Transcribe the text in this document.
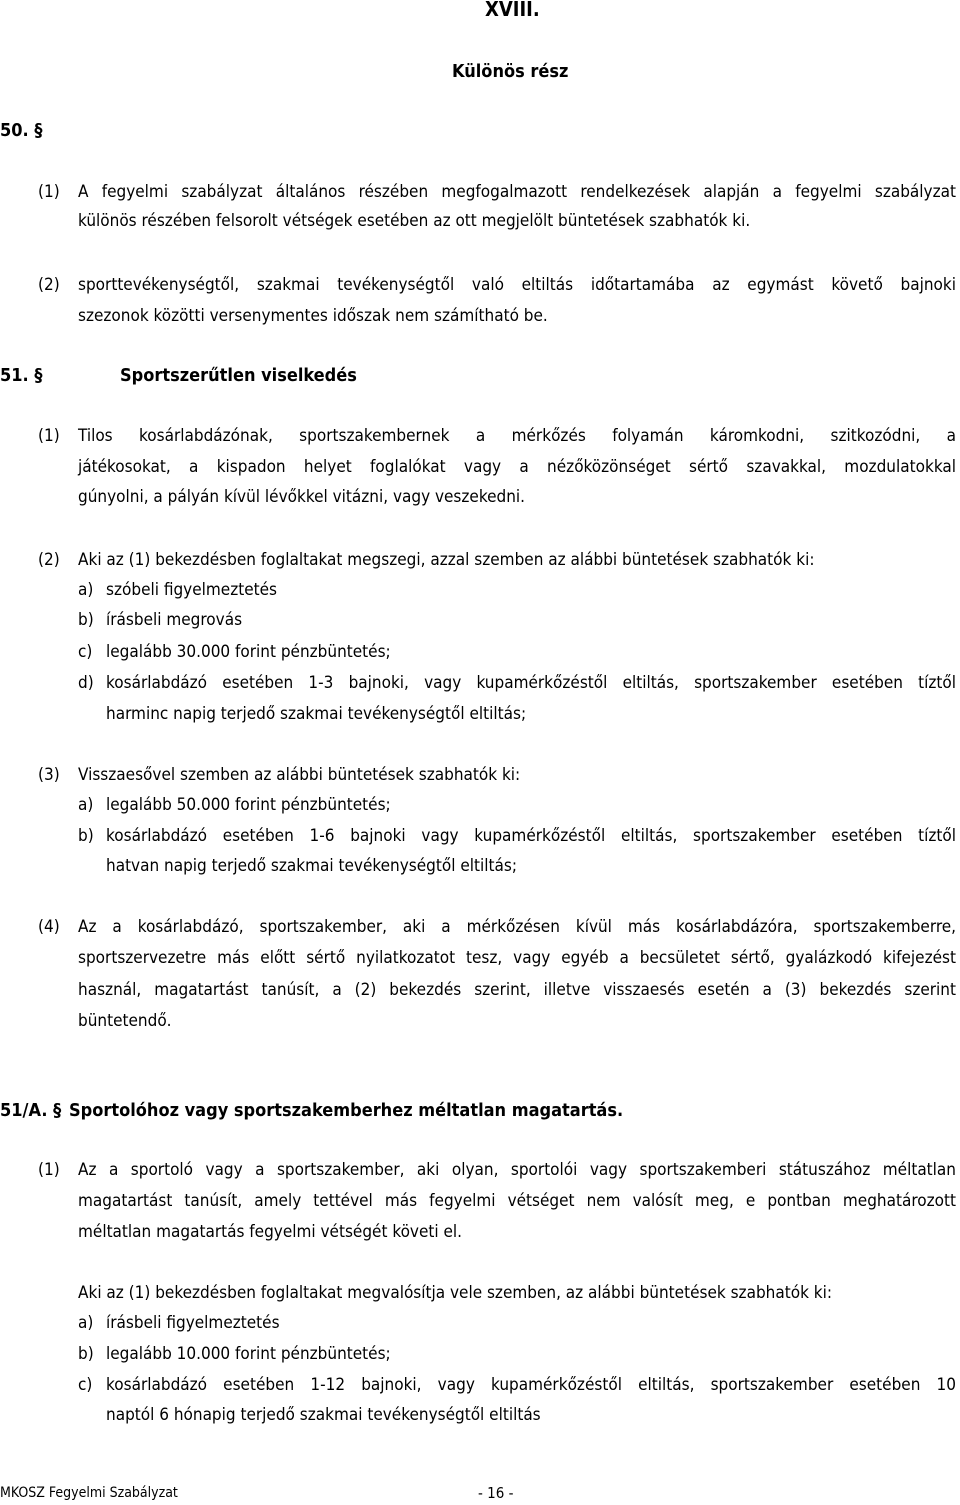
XVIII.
Különös rész
50. §
(1) A fegyelmi szabályzat általános részében megfogalmazott rendelkezések alapján a fegyelmi szabályzat
különös részében felsorolt vétségek esetében az ott megjelölt büntetések szabhatók ki.
(2) sporttevékenységtől, szakmai tevékenységtől való eltiltás időtartamába az egymást követő bajnoki
szezonok közötti versenymentes időszak nem számítható be.
51. §	Sportszerűtlen viselkedés
(1) Tilos kosárlabdázónak, sportszakembernek a mérkőzés folyamán káromkodni, szitkozódni, a
játékosokat, a kispadon helyet foglalókat vagy a nézőközönséget sértő szavakkal, mozdulatokkal
gúnyolni, a pályán kívül lévőkkel vitázni, vagy veszekedni.
(2) Aki az (1) bekezdésben foglaltakat megszegi, azzal szemben az alábbi büntetések szabhatók ki:
a) szóbeli figyelmeztetés
b) írásbeli megrovás
c) legalább 30.000 forint pénzbüntetés;
d) kosárlabdázó esetében 1-3 bajnoki, vagy kupamérkőzéstől eltiltás, sportszakember esetében tíztől
harminc napig terjedő szakmai tevékenységtől eltiltás;
(3) Visszaesővel szemben az alábbi büntetések szabhatók ki:
a) legalább 50.000 forint pénzbüntetés;
b) kosárlabdázó esetében 1-6 bajnoki vagy kupamérkőzéstől eltiltás, sportszakember esetében tíztől
hatvan napig terjedő szakmai tevékenységtől eltiltás;
(4) Az a kosárlabdázó, sportszakember, aki a mérkőzésen kívül más kosárlabdázóra, sportszakemberre,
sportszervezetre más előtt sértő nyilatkozatot tesz, vagy egyéb a becsületet sértő, gyalázkodó kifejezést
használ, magatartást tanúsít, a (2) bekezdés szerint, illetve visszaesés esetén a (3) bekezdés szerint
büntetendő.
51/A. § Sportolóhoz vagy sportszakemberhez méltatlan magatartás.
(1) Az a sportoló vagy a sportszakember, aki olyan, sportolói vagy sportszakemberi státuszához méltatlan
magatartást tanúsít, amely tettével más fegyelmi vétséget nem valósít meg, e pontban meghatározott
méltatlan magatartás fegyelmi vétségét követi el.
Aki az (1) bekezdésben foglaltakat megvalósítja vele szemben, az alábbi büntetések szabhatók ki:
a) írásbeli figyelmeztetés
b) legalább 10.000 forint pénzbüntetés;
c) kosárlabdázó esetében 1-12 bajnoki, vagy kupamérkőzéstől eltiltás, sportszakember esetében 10
naptól 6 hónapig terjedő szakmai tevékenységtől eltiltás
MKOSZ Fegyelmi Szabályzat	- 16 -
